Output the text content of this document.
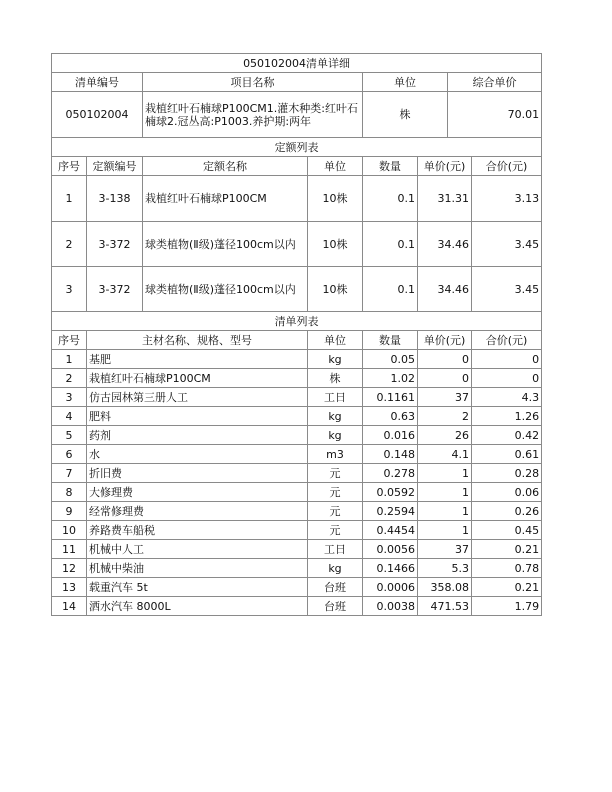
050102004清单详细							
清单编号		项目名称		单位		综合单价	
050102004		栽植红叶石楠球P100CM1.灌木种类:红叶石楠球2.冠丛高:P1003.养护期:两年		株		70.01	
定额列表							
序号	定额编号	定额名称	单位	数量	单价(元)		合价(元)
1	3-138	栽植红叶石楠球P100CM	10株	0.1	31.31		3.13
2	3-372	球类植物(Ⅱ级)蓬径100cm以内	10株	0.1	34.46		3.45
3	3-372	球类植物(Ⅱ级)蓬径100cm以内	10株	0.1	34.46		3.45
清单列表							
序号	主材名称、规格、型号		单位	数量	单价(元)		合价(元)
1	基肥		kg	0.05	0		0
2	栽植红叶石楠球P100CM		株	1.02	0		0
3	仿古园林第三册人工		工日	0.1161	37		4.3
4	肥料		kg	0.63	2		1.26
5	药剂		kg	0.016	26		0.42
6	水		m3	0.148	4.1		0.61
7	折旧费		元	0.278	1		0.28
8	大修理费		元	0.0592	1		0.06
9	经常修理费		元	0.2594	1		0.26
10	养路费车船税		元	0.4454	1		0.45
11	机械中人工		工日	0.0056	37		0.21
12	机械中柴油		kg	0.1466	5.3		0.78
13	载重汽车 5t		台班	0.0006	358.08		0.21
14	洒水汽车 8000L		台班	0.0038	471.53		1.79
